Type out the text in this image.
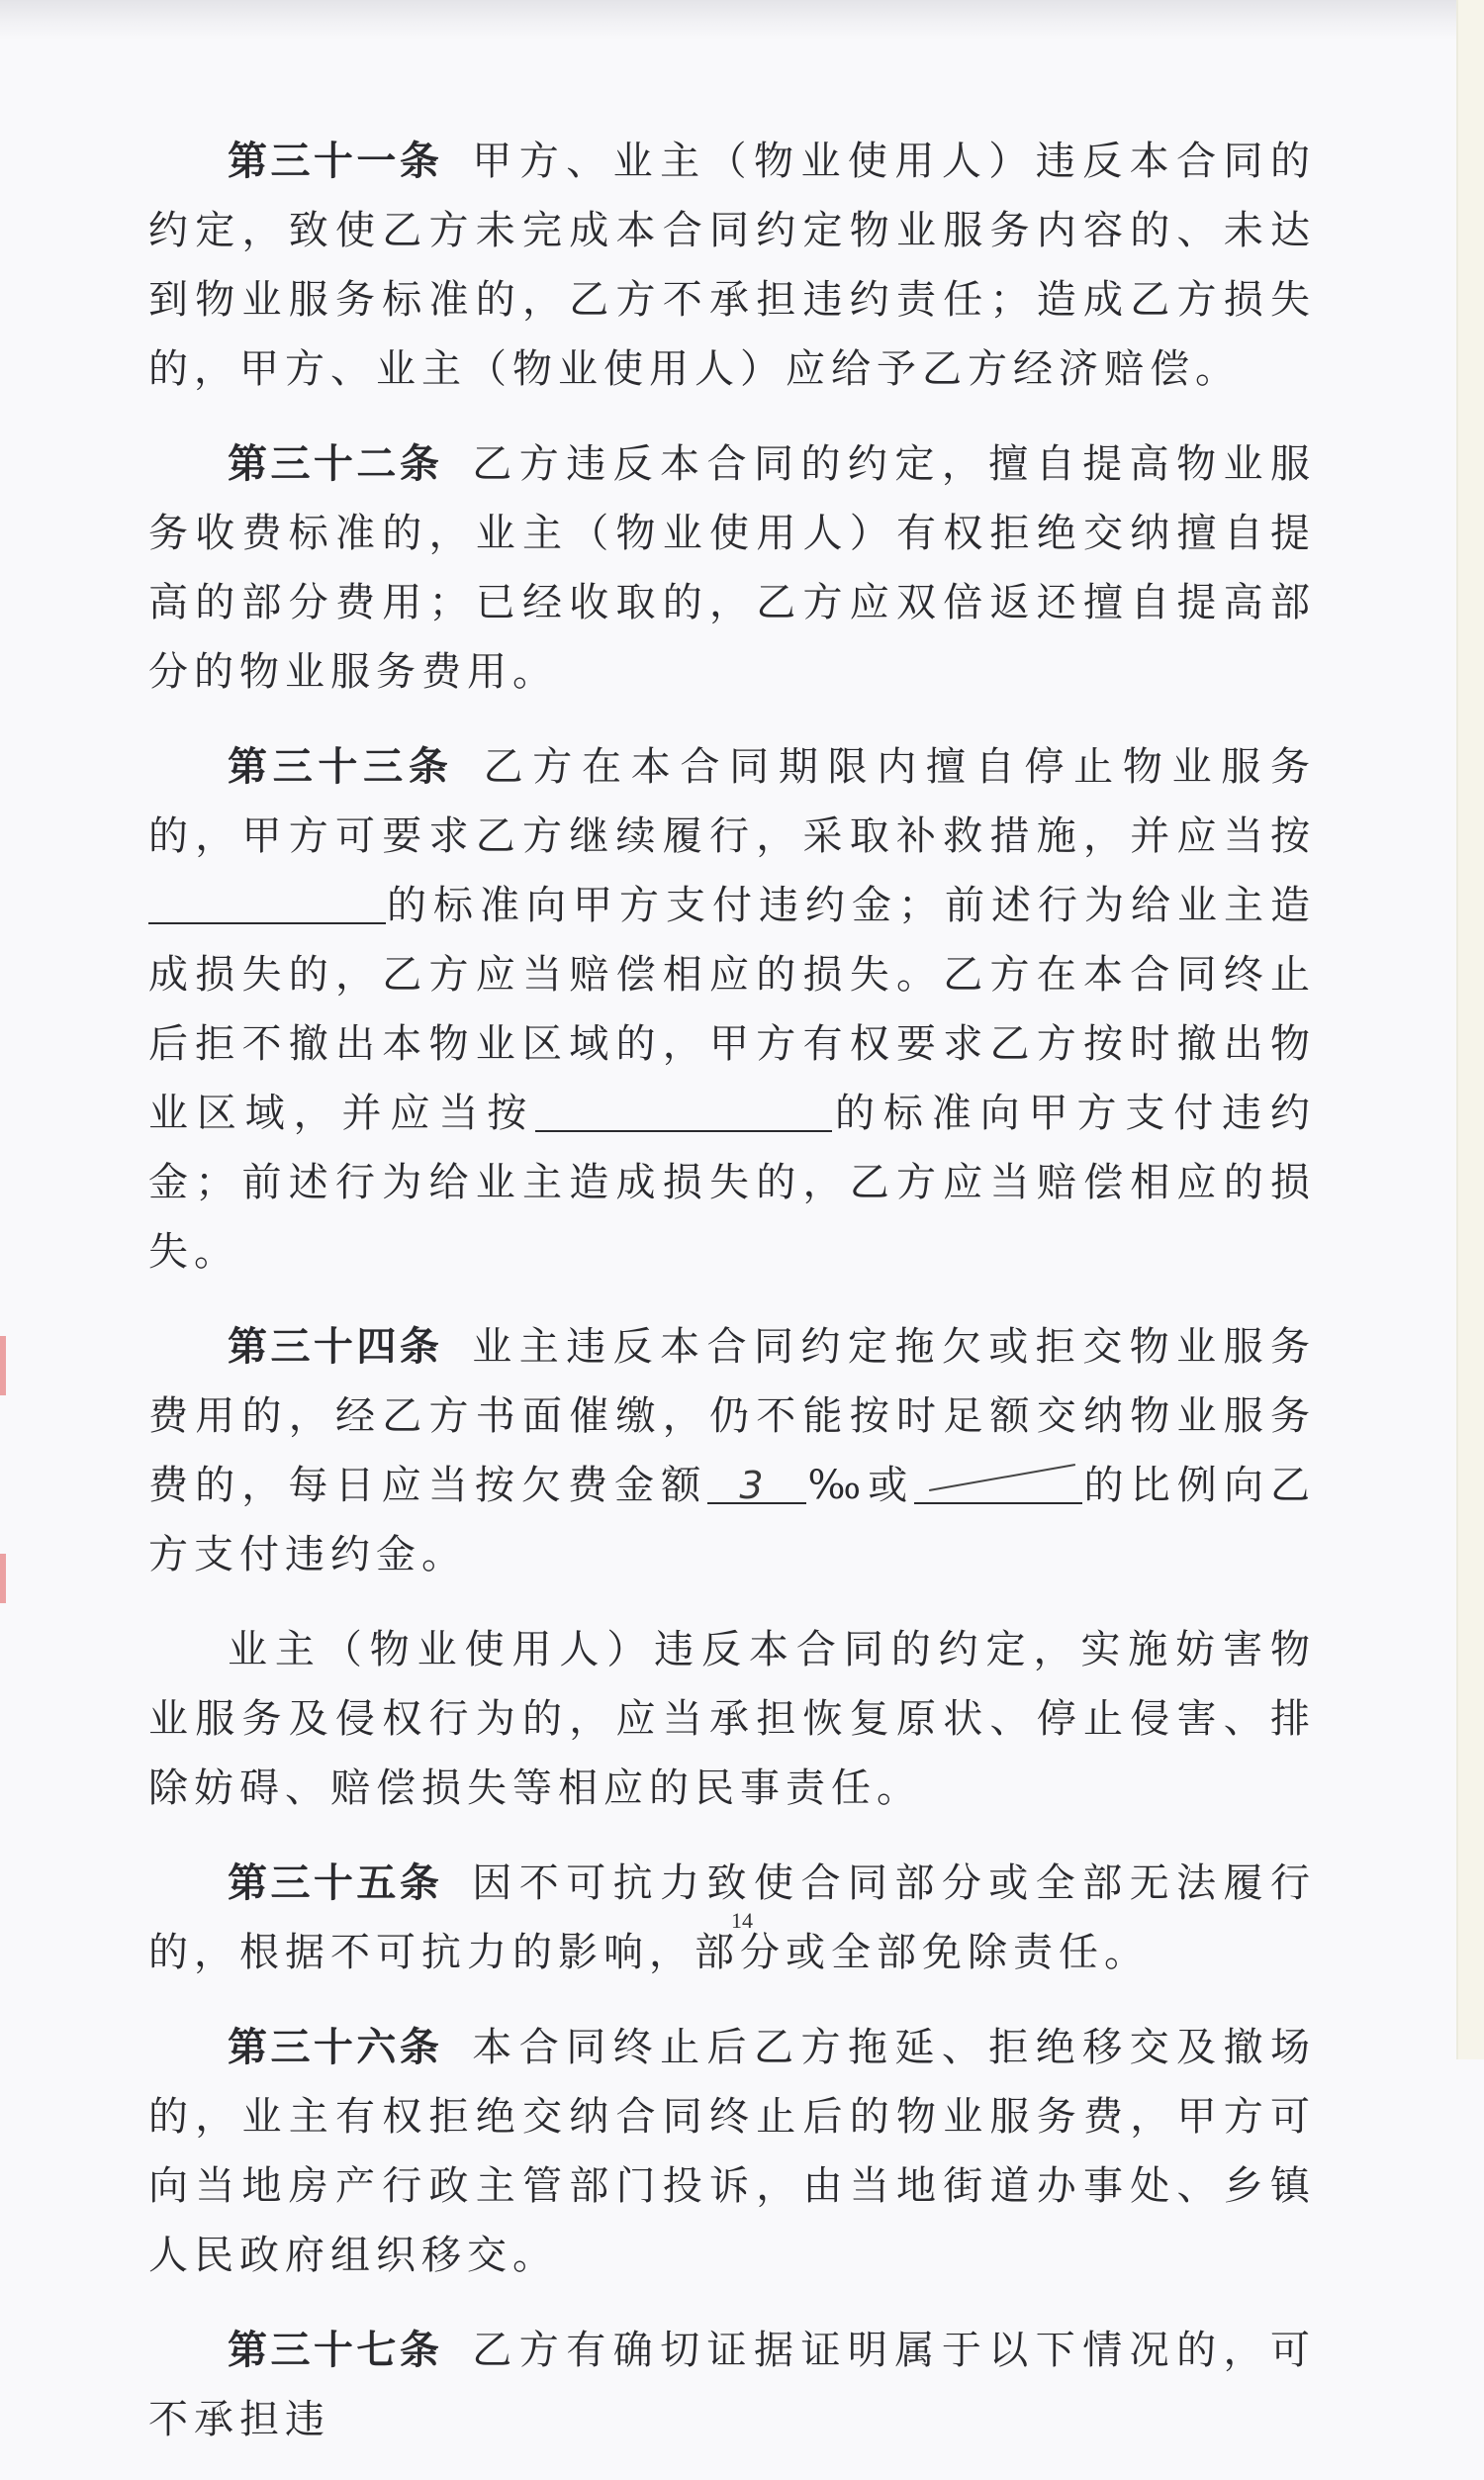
第三十一条 甲方、业主（物业使用人）违反本合同的约定，致使乙方未完成本合同约定物业服务内容的、未达到物业服务标准的，乙方不承担违约责任；造成乙方损失的，甲方、业主（物业使用人）应给予乙方经济赔偿。

第三十二条 乙方违反本合同的约定，擅自提高物业服务收费标准的，业主（物业使用人）有权拒绝交纳擅自提高的部分费用；已经收取的，乙方应双倍返还擅自提高部分的物业服务费用。

第三十三条 乙方在本合同期限内擅自停止物业服务的，甲方可要求乙方继续履行，采取补救措施，并应当按的标准向甲方支付违约金；前述行为给业主造成损失的，乙方应当赔偿相应的损失。乙方在本合同终止后拒不撤出本物业区域的，甲方有权要求乙方按时撤出物业区域，并应当按	的标准向甲方支付违约金；前述行为给业主造成损失的，乙方应当赔偿相应的损失。

第三十四条 业主违反本合同约定拖欠或拒交物业服务费用的，经乙方书面催缴，仍不能按时足额交纳物业服务费的，每日应当按欠费金额 3 ‰或	的比例向乙方支付违约金。

业主（物业使用人）违反本合同的约定，实施妨害物业服务及侵权行为的，应当承担恢复原状、停止侵害、排除妨碍、赔偿损失等相应的民事责任。

第三十五条 因不可抗力致使合同部分或全部无法履行的，根据不可抗力的影响，部分或全部免除责任。

第三十六条 本合同终止后乙方拖延、拒绝移交及撤场的，业主有权拒绝交纳合同终止后的物业服务费，甲方可向当地房产行政主管部门投诉，由当地街道办事处、乡镇人民政府组织移交。

第三十七条 乙方有确切证据证明属于以下情况的，可不承担违

14
